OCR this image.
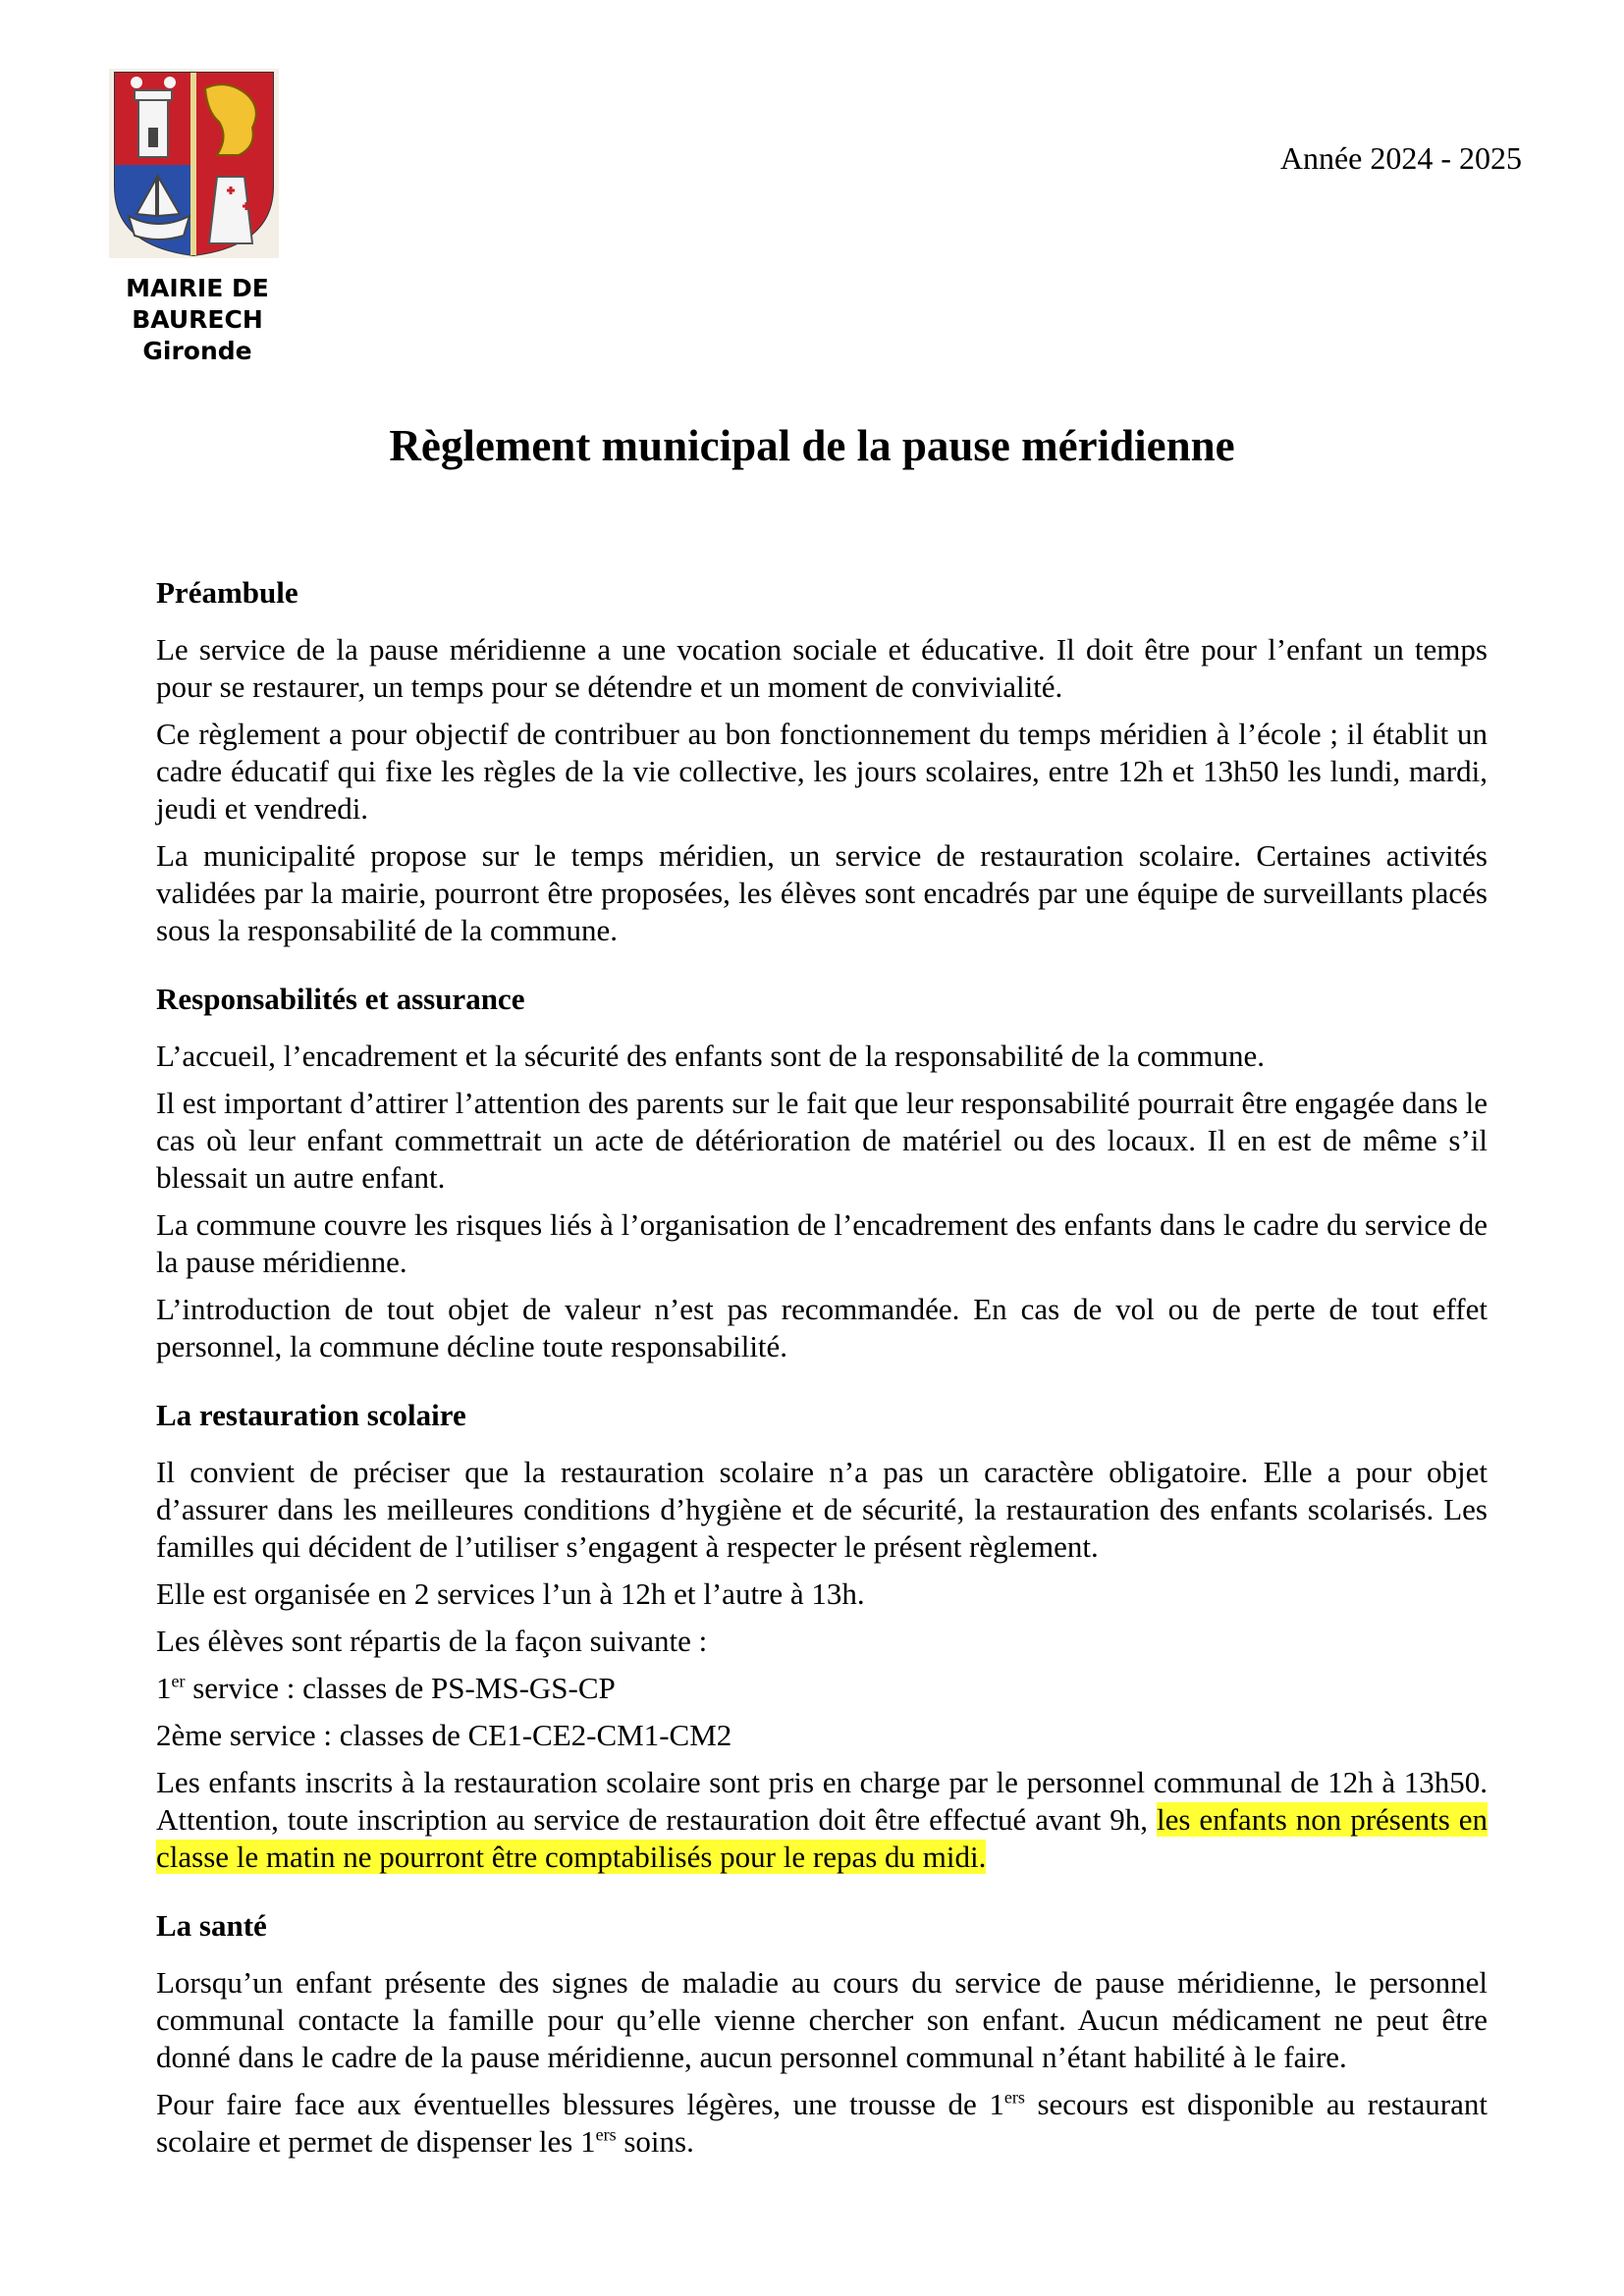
MAIRIE DE BAURECH
Gironde
Année 2024 - 2025
Règlement municipal de la pause méridienne
Préambule

Le service de la pause méridienne a une vocation sociale et éducative. Il doit être pour l’enfant un temps pour se restaurer, un temps pour se détendre et un moment de convivialité.

Ce règlement a pour objectif de contribuer au bon fonctionnement du temps méridien à l’école ; il établit un cadre éducatif qui fixe les règles de la vie collective, les jours scolaires, entre 12h et 13h50 les lundi, mardi, jeudi et vendredi.

La municipalité propose sur le temps méridien, un service de restauration scolaire. Certaines activités validées par la mairie, pourront être proposées, les élèves sont encadrés par une équipe de surveillants placés sous la responsabilité de la commune.

Responsabilités et assurance

L’accueil, l’encadrement et la sécurité des enfants sont de la responsabilité de la commune.

Il est important d’attirer l’attention des parents sur le fait que leur responsabilité pourrait être engagée dans le cas où leur enfant commettrait un acte de détérioration de matériel ou des locaux. Il en est de même s’il blessait un autre enfant.

La commune couvre les risques liés à l’organisation de l’encadrement des enfants dans le cadre du service de la pause méridienne.

L’introduction de tout objet de valeur n’est pas recommandée. En cas de vol ou de perte de tout effet personnel, la commune décline toute responsabilité.

La restauration scolaire

Il convient de préciser que la restauration scolaire n’a pas un caractère obligatoire. Elle a pour objet d’assurer dans les meilleures conditions d’hygiène et de sécurité, la restauration des enfants scolarisés. Les familles qui décident de l’utiliser s’engagent à respecter le présent règlement.

Elle est organisée en 2 services l’un à 12h et l’autre à 13h.

Les élèves sont répartis de la façon suivante :

1er service : classes de PS-MS-GS-CP

2ème service : classes de CE1-CE2-CM1-CM2

Les enfants inscrits à la restauration scolaire sont pris en charge par le personnel communal de 12h à 13h50. Attention, toute inscription au service de restauration doit être effectué avant 9h, les enfants non présents en classe le matin ne pourront être comptabilisés pour le repas du midi.

La santé

Lorsqu’un enfant présente des signes de maladie au cours du service de pause méridienne, le personnel communal contacte la famille pour qu’elle vienne chercher son enfant. Aucun médicament ne peut être donné dans le cadre de la pause méridienne, aucun personnel communal n’étant habilité à le faire.

Pour faire face aux éventuelles blessures légères, une trousse de 1ers secours est disponible au restaurant scolaire et permet de dispenser les 1ers soins.
